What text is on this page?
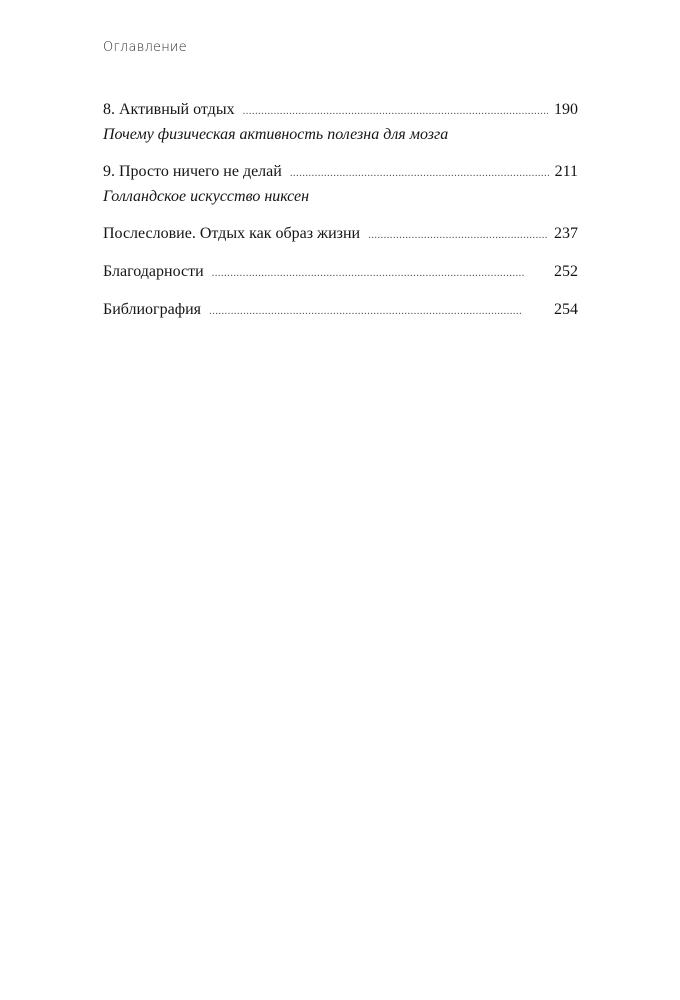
Оглавление
8. Активный отдых . . .	190
Почему физическая активность полезна для мозга
9. Просто ничего не делай . . .	211
Голландское искусство никсен
Послесловие. Отдых как образ жизни . . .	237
Благодарности . . .	252
Библиография . . .	254
